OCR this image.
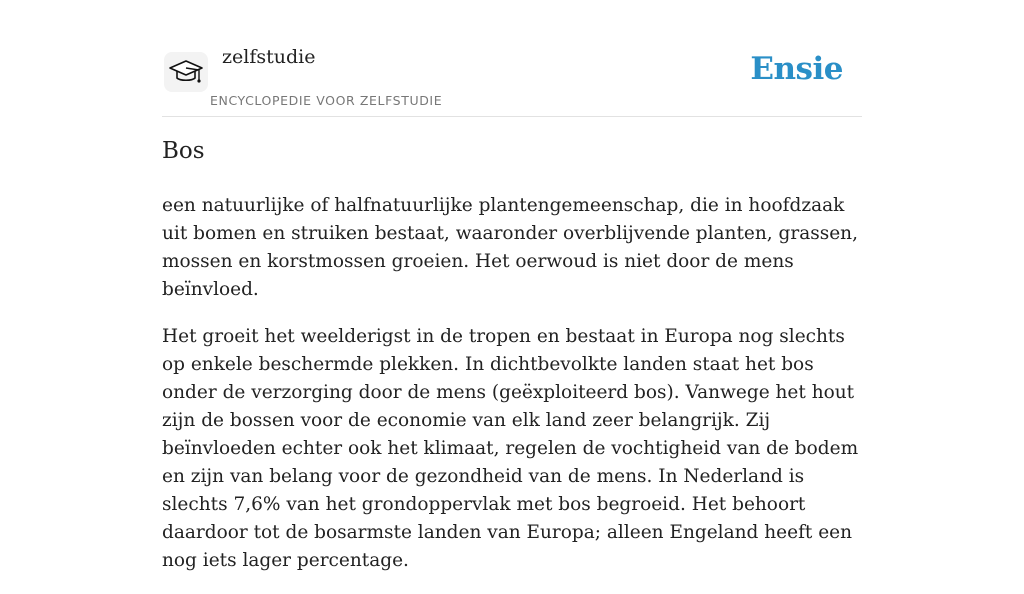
zelfstudie
ENCYCLOPEDIE VOOR ZELFSTUDIE
Ensie
Bos

een natuurlijke of halfnatuurlijke plantengemeenschap, die in hoofdzaak uit bomen en struiken bestaat, waaronder overblijvende planten, grassen, mossen en korstmossen groeien. Het oerwoud is niet door de mens beïnvloed.

Het groeit het weelderigst in de tropen en bestaat in Europa nog slechts op enkele beschermde plekken. In dichtbevolkte landen staat het bos onder de verzorging door de mens (geëxploiteerd bos). Vanwege het hout zijn de bossen voor de economie van elk land zeer belangrijk. Zij beïnvloeden echter ook het klimaat, regelen de vochtigheid van de bodem en zijn van belang voor de gezondheid van de mens. In Nederland is slechts 7,6% van het grondoppervlak met bos begroeid. Het behoort daardoor tot de bosarmste landen van Europa; alleen Engeland heeft een nog iets lager percentage.
